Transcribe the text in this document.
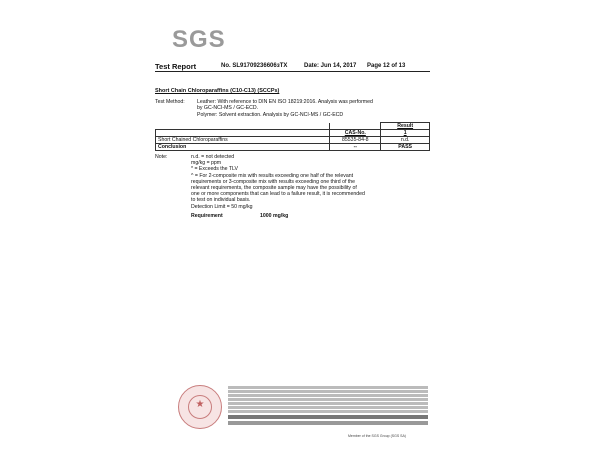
SGS
Test Report	No. SL91709236606ɜTX	Date: Jun 14, 2017 Page 12 of 13
Short Chain Chloroparaffins (C10-C13) (SCCPs)
Test Method: Leather: With reference to DIN EN ISO 18219:2016. Analysis was performed
by GC-NCI-MS / GC-ECD.
Polymer: Solvent extraction. Analysis by GC-NCI-MS / GC-ECD
		Result
	CAS-No.	1
Short Chained Chloroparaffins	85535-84-8	n.d.
Conclusion	--	PASS
Note:	n.d. = not detected
mg/kg = ppm
* = Exceeds the TLV
^ = For 2-composite mix with results exceeding one half of the relevant
requirements or 3-composite mix with results exceeding one third of the
relevant requirements, the composite sample may have the possibility of
one or more components that can lead to a failure result, it is recommended
to test on individual basis.
Detection Limit = 50 mg/kg
Requirement	1000 mg/kg
★
Member of the SGS Group (SGS SA)
